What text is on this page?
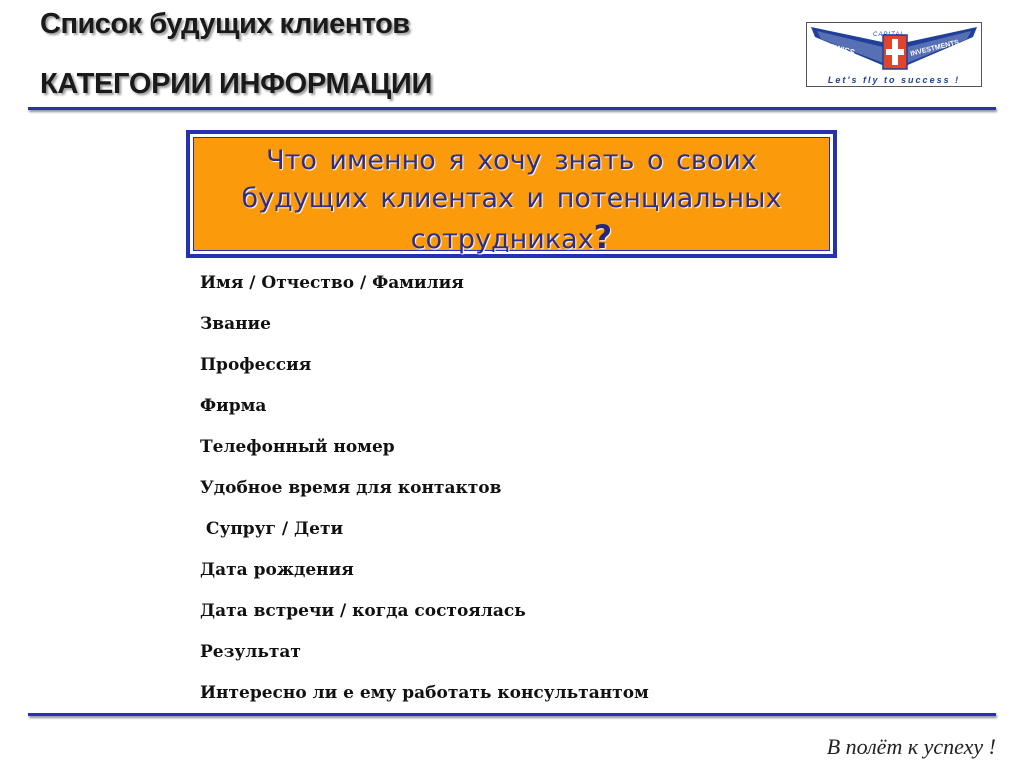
Список будущих клиентов
КАТЕГОРИИ ИНФОРМАЦИИ
SWISS	INVESTMENTS
CAPITAL
Let's fly to success !
Что именно я хочу знать о своих
будущих клиентах и потенциальных
сотрудниках?
Имя / Отчество / Фамилия
Звание
Профессия
Фирма
Телефонный номер
Удобное время для контактов
Супруг / Дети
Дата рождения
Дата встречи / когда состоялась
Результат
Интересно ли е ему работать консультантом
В полёт к успеху !
